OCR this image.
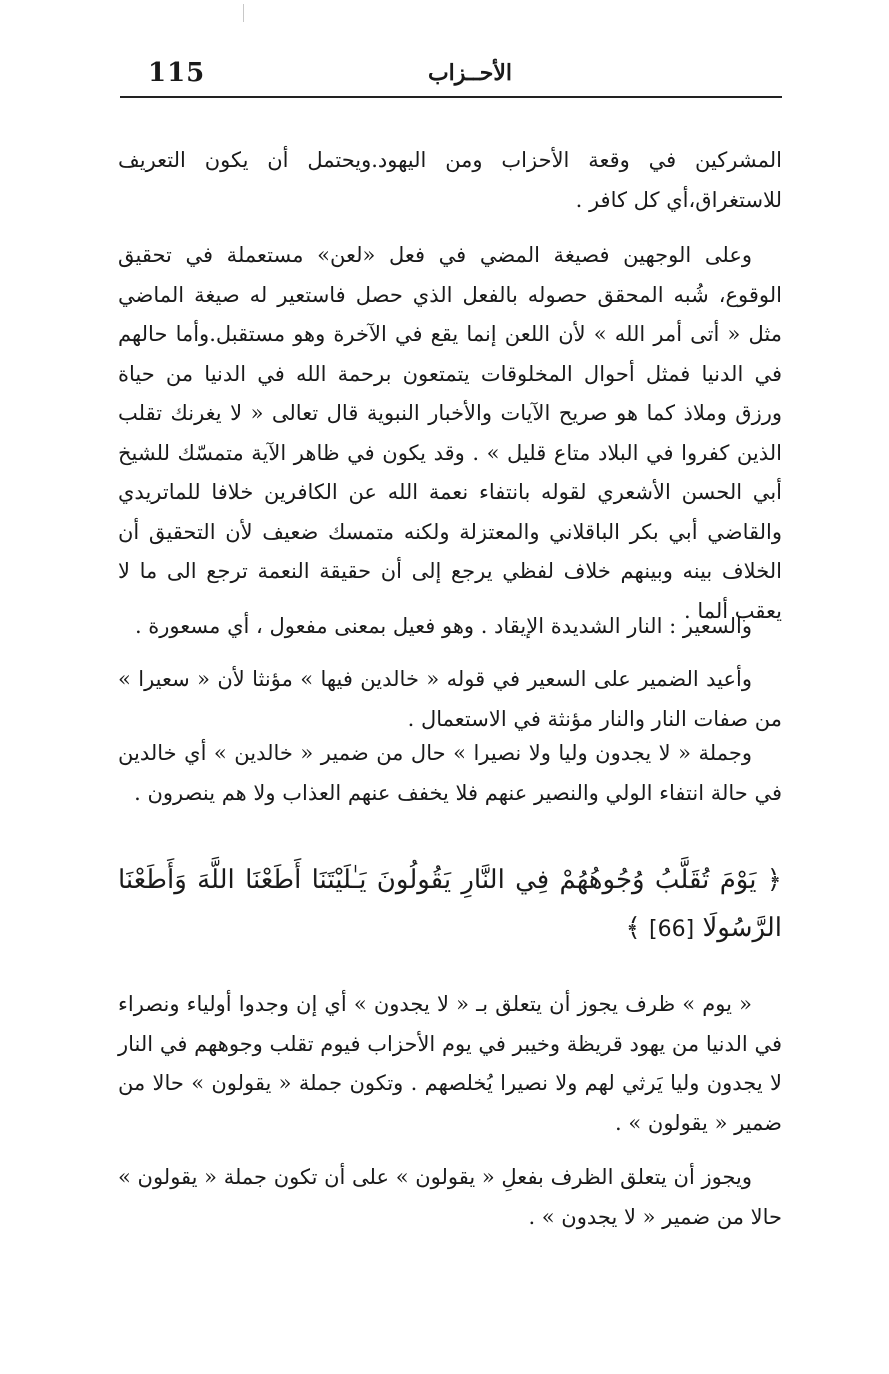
115	الأحــزاب

المشركين في وقعة الأحزاب ومن اليهود.ويحتمل أن يكون التعريف للاستغراق،أي كل كافر .

وعلى الوجهين فصيغة المضي في فعل «لعن» مستعملة في تحقيق الوقوع، شُبه المحقق حصوله بالفعل الذي حصل فاستعير له صيغة الماضي مثل « أتى أمر الله » لأن اللعن إنما يقع في الآخرة وهو مستقبل.وأما حالهم في الدنيا فمثل أحوال المخلوقات يتمتعون برحمة الله في الدنيا من حياة ورزق وملاذ كما هو صريح الآيات والأخبار النبوية قال تعالى « لا يغرنك تقلب الذين كفروا في البلاد متاع قليل » . وقد يكون في ظاهر الآية متمسّك للشيخ أبي الحسن الأشعري لقوله بانتفاء نعمة الله عن الكافرين خلافا للماتريدي والقاضي أبي بكر الباقلاني والمعتزلة ولكنه متمسك ضعيف لأن التحقيق أن الخلاف بينه وبينهم خلاف لفظي يرجع إلى أن حقيقة النعمة ترجع الى ما لا يعقب ألما .

والسعير : النار الشديدة الإيقاد . وهو فعيل بمعنى مفعول ، أي مسعورة .

وأعيد الضمير على السعير في قوله « خالدين فيها » مؤنثا لأن « سعيرا » من صفات النار والنار مؤنثة في الاستعمال .

وجملة « لا يجدون وليا ولا نصيرا » حال من ضمير « خالدين » أي خالدين في حالة انتفاء الولي والنصير عنهم فلا يخفف عنهم العذاب ولا هم ينصرون .

﴿ يَوْمَ تُقَلَّبُ وُجُوهُهُمْ فِي النَّارِ يَقُولُونَ يَـٰلَيْتَنَا أَطَعْنَا اللَّهَ وَأَطَعْنَا الرَّسُولَا [66] ﴾

« يوم » ظرف يجوز أن يتعلق بـ « لا يجدون » أي إن وجدوا أولياء ونصراء في الدنيا من يهود قريظة وخيبر في يوم الأحزاب فيوم تقلب وجوههم في النار لا يجدون وليا يَرثي لهم ولا نصيرا يُخلصهم . وتكون جملة « يقولون » حالا من ضمير « يقولون » .

ويجوز أن يتعلق الظرف بفعلِ « يقولون » على أن تكون جملة « يقولون » حالا من ضمير « لا يجدون » .
